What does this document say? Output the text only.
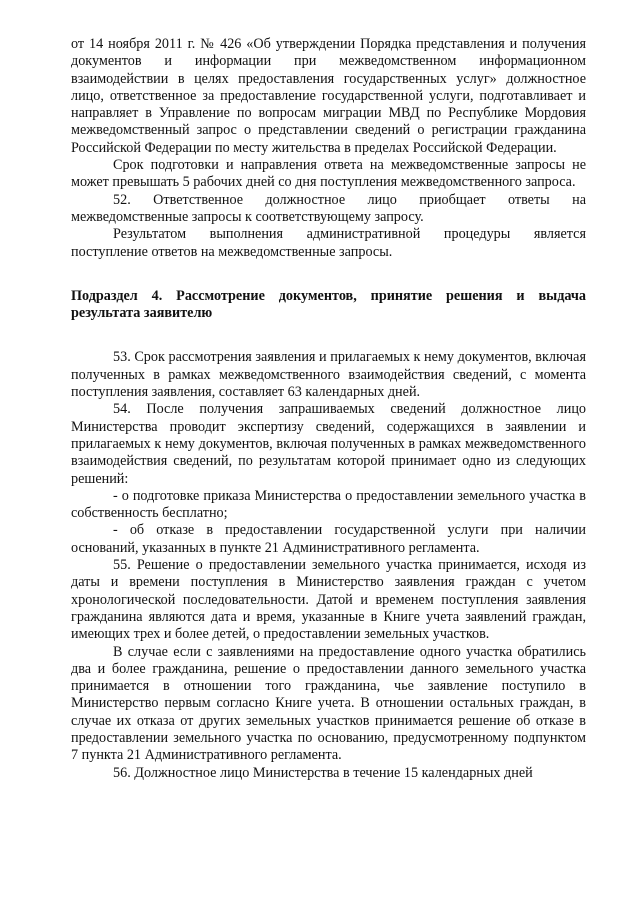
от 14 ноября 2011 г. № 426 «Об утверждении Порядка представления и получения документов и информации при межведомственном информационном взаимодействии в целях предоставления государственных услуг» должностное лицо, ответственное за предоставление государственной услуги, подготавливает и направляет в Управление по вопросам миграции МВД по Республике Мордовия межведомственный запрос о представлении сведений о регистрации гражданина Российской Федерации по месту жительства в пределах Российской Федерации.

Срок подготовки и направления ответа на межведомственные запросы не может превышать 5 рабочих дней со дня поступления межведомственного запроса.

52. Ответственное должностное лицо приобщает ответы на межведомственные запросы к соответствующему запросу.

Результатом выполнения административной процедуры является поступление ответов на межведомственные запросы.

Подраздел 4. Рассмотрение документов, принятие решения и выдача результата заявителю

53. Срок рассмотрения заявления и прилагаемых к нему документов, включая полученных в рамках межведомственного взаимодействия сведений, с момента поступления заявления, составляет 63 календарных дней.

54. После получения запрашиваемых сведений должностное лицо Министерства проводит экспертизу сведений, содержащихся в заявлении и прилагаемых к нему документов, включая полученных в рамках межведомственного взаимодействия сведений, по результатам которой принимает одно из следующих решений:

- о подготовке приказа Министерства о предоставлении земельного участка в собственность бесплатно;

- об отказе в предоставлении государственной услуги при наличии оснований, указанных в пункте 21 Административного регламента.

55. Решение о предоставлении земельного участка принимается, исходя из даты и времени поступления в Министерство заявления граждан с учетом хронологической последовательности. Датой и временем поступления заявления гражданина являются дата и время, указанные в Книге учета заявлений граждан, имеющих трех и более детей, о предоставлении земельных участков.

В случае если с заявлениями на предоставление одного участка обратились два и более гражданина, решение о предоставлении данного земельного участка принимается в отношении того гражданина, чье заявление поступило в Министерство первым согласно Книге учета. В отношении остальных граждан, в случае их отказа от других земельных участков принимается решение об отказе в предоставлении земельного участка по основанию, предусмотренному подпунктом 7 пункта 21 Административного регламента.

56. Должностное лицо Министерства в течение 15 календарных дней
